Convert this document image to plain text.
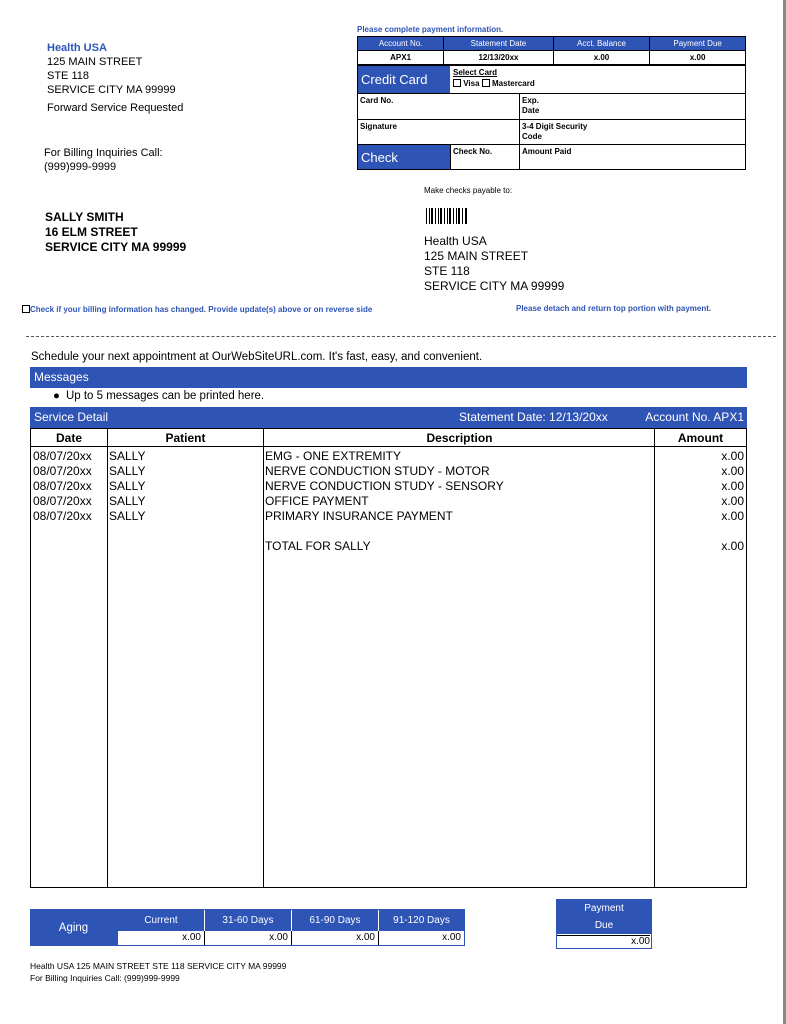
Health USA
125 MAIN STREET
STE 118
SERVICE CITY MA 99999
Forward Service Requested
For Billing Inquiries Call:
(999)999-9999
SALLY SMITH
16 ELM STREET
SERVICE CITY MA 99999
Please complete payment information.
Account No.	Statement Date	Acct. Balance	Payment Due
APX1	12/13/20xx	x.00	x.00
Credit Card	Select Card
Visa Mastercard
Card No.	Exp. Date
Signature	3-4 Digit Security Code
Check	Check No.	Amount Paid
Make checks payable to:
Health USA
125 MAIN STREET
STE 118
SERVICE CITY MA 99999
Check if your billing information has changed. Provide update(s) above or on reverse side	Please detach and return top portion with payment.
Schedule your next appointment at OurWebSiteURL.com. It's fast, easy, and convenient.
Messages
● Up to 5 messages can be printed here.
Service Detail	Statement Date: 12/13/20xx	Account No. APX1
Date	Patient	Description	Amount
08/07/20xx SALLY	EMG - ONE EXTREMITY	x.00
08/07/20xx SALLY	NERVE CONDUCTION STUDY - MOTOR	x.00
08/07/20xx SALLY	NERVE CONDUCTION STUDY - SENSORY	x.00
08/07/20xx SALLY	OFFICE PAYMENT	x.00
08/07/20xx SALLY	PRIMARY INSURANCE PAYMENT	x.00
TOTAL FOR SALLY	x.00
Aging
Current	31-60 Days	61-90 Days	91-120 Days
x.00	x.00	x.00	x.00
Payment
Due
x.00
Health USA 125 MAIN STREET STE 118 SERVICE CITY MA 99999
For Billing Inquiries Call: (999)999-9999
